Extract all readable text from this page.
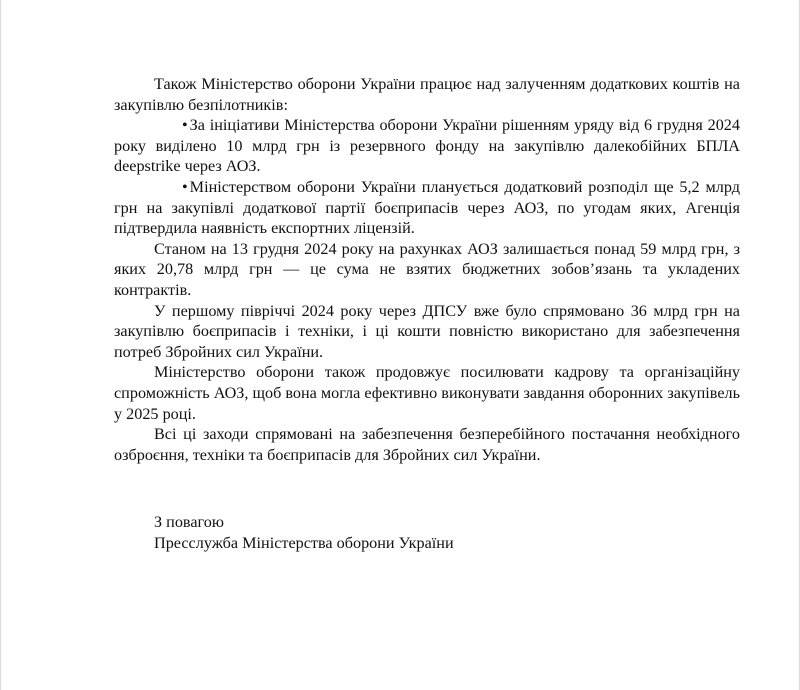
Також Міністерство оборони України працює над залученням додаткових коштів на закупівлю безпілотників:

• За ініціативи Міністерства оборони України рішенням уряду від 6 грудня 2024 року виділено 10 млрд грн із резервного фонду на закупівлю далекобійних БПЛА deepstrike через АОЗ.

• Міністерством оборони України планується додатковий розподіл ще 5,2 млрд грн на закупівлі додаткової партії боєприпасів через АОЗ, по угодам яких, Агенція підтвердила наявність експортних ліцензій.

Станом на 13 грудня 2024 року на рахунках АОЗ залишається понад 59 млрд грн, з яких 20,78 млрд грн — це сума не взятих бюджетних зобов’язань та укладених контрактів.

У першому півріччі 2024 року через ДПСУ вже було спрямовано 36 млрд грн на закупівлю боєприпасів і техніки, і ці кошти повністю використано для забезпечення потреб Збройних сил України.

Міністерство оборони також продовжує посилювати кадрову та організаційну спроможність АОЗ, щоб вона могла ефективно виконувати завдання оборонних закупівель у 2025 році.

Всі ці заходи спрямовані на забезпечення безперебійного постачання необхідного озброєння, техніки та боєприпасів для Збройних сил України.

З повагою
Пресслужба Міністерства оборони України
